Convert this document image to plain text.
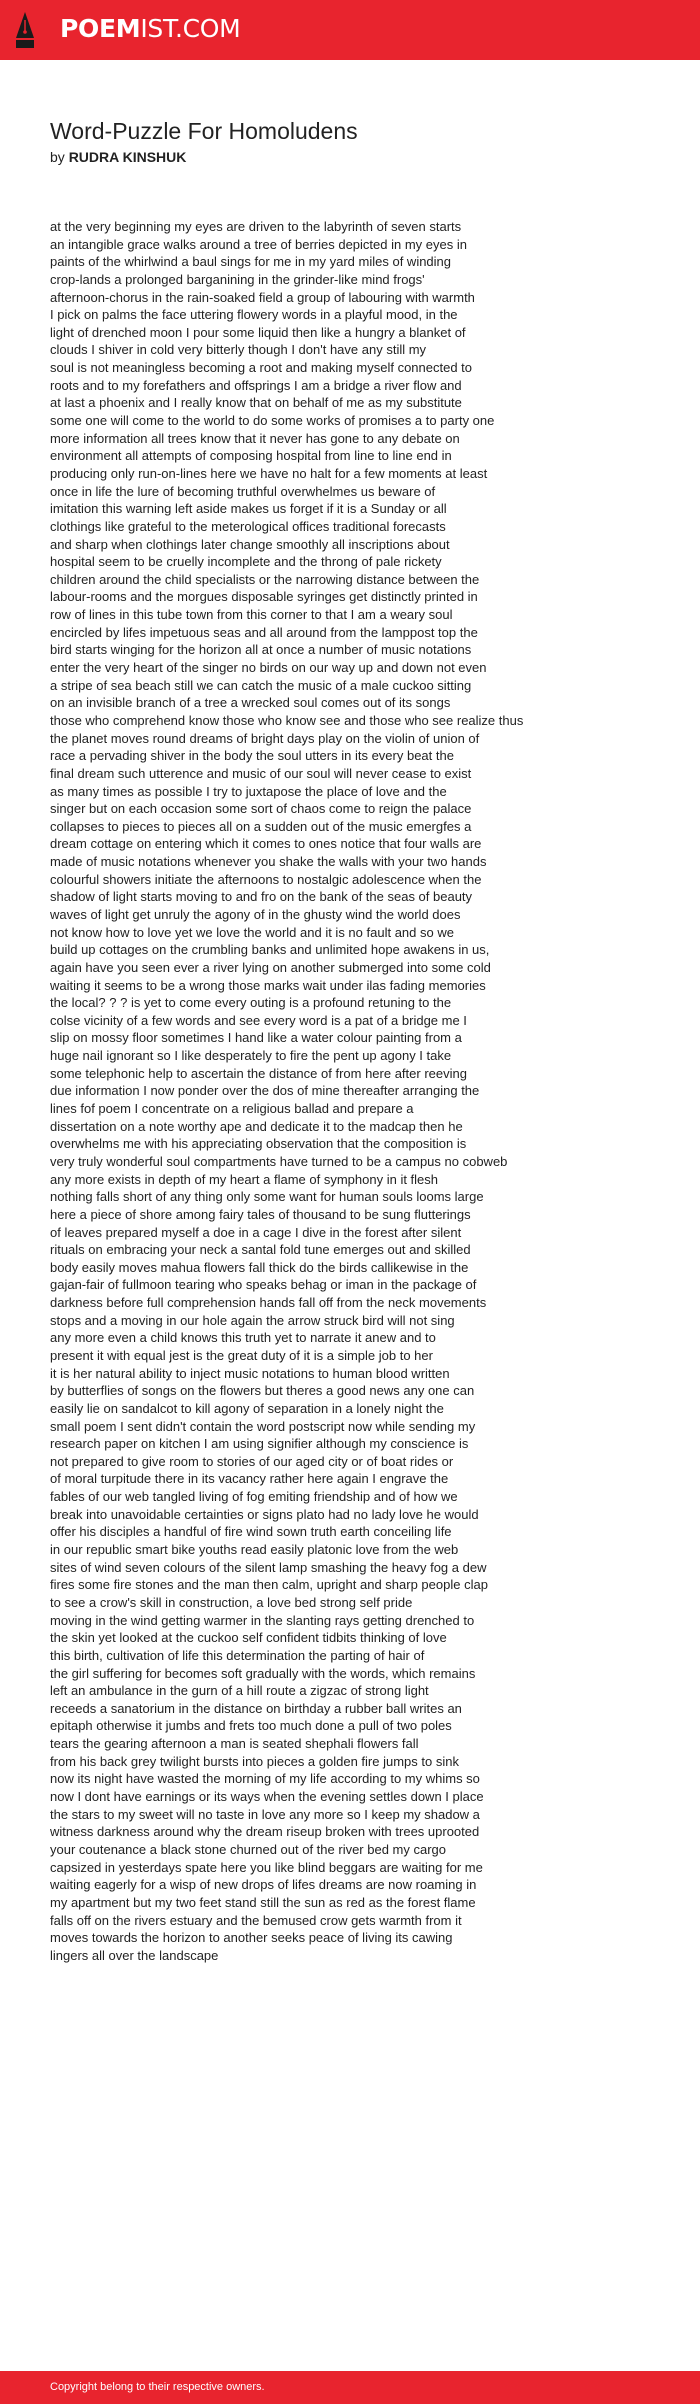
POEMIST.COM
Word-Puzzle For Homoludens
by RUDRA KINSHUK
at the very beginning my eyes are driven to the labyrinth of seven starts
an intangible grace walks around a tree of berries depicted in my eyes in
paints of the whirlwind a baul sings for me in my yard miles of winding
crop-lands a prolonged barganining in the grinder-like mind frogs'
afternoon-chorus in the rain-soaked field a group of labouring with warmth
I pick on palms the face uttering flowery words in a playful mood, in the
light of drenched moon I pour some liquid then like a hungry a blanket of
clouds I shiver in cold very bitterly though I don't have any still my
soul is not meaningless becoming a root and making myself connected to
roots and to my forefathers and offsprings I am a bridge a river flow and
at last a phoenix and I really know that on behalf of me as my substitute
some one will come to the world to do some works of promises a to party one
more information all trees know that it never has gone to any debate on
environment all attempts of composing hospital from line to line end in
producing only run-on-lines here we have no halt for a few moments at least
once in life the lure of becoming truthful overwhelmes us beware of
imitation this warning left aside makes us forget if it is a Sunday or all
clothings like grateful to the meterological offices traditional forecasts
and sharp when clothings later change smoothly all inscriptions about
hospital seem to be cruelly incomplete and the throng of pale rickety
children around the child specialists or the narrowing distance between the
labour-rooms and the morgues disposable syringes get distinctly printed in
row of lines in this tube town from this corner to that I am a weary soul
encircled by lifes impetuous seas and all around from the lamppost top the
bird starts winging for the horizon all at once a number of music notations
enter the very heart of the singer no birds on our way up and down not even
a stripe of sea beach still we can catch the music of a male cuckoo sitting
on an invisible branch of a tree a wrecked soul comes out of its songs
those who comprehend know those who know see and those who see realize thus
the planet moves round dreams of bright days play on the violin of union of
race a pervading shiver in the body the soul utters in its every beat the
final dream such utterence and music of our soul will never cease to exist
as many times as possible I try to juxtapose the place of love and the
singer but on each occasion some sort of chaos come to reign the palace
collapses to pieces to pieces all on a sudden out of the music emergfes a
dream cottage on entering which it comes to ones notice that four walls are
made of music notations whenever you shake the walls with your two hands
colourful showers initiate the afternoons to nostalgic adolescence when the
shadow of light starts moving to and fro on the bank of the seas of beauty
waves of light get unruly the agony of in the ghusty wind the world does
not know how to love yet we love the world and it is no fault and so we
build up cottages on the crumbling banks and unlimited hope awakens in us,
again have you seen ever a river lying on another submerged into some cold
waiting it seems to be a wrong those marks wait under ilas fading memories
the local? ? ? is yet to come every outing is a profound retuning to the
colse vicinity of a few words and see every word is a pat of a bridge me I
slip on mossy floor sometimes I hand like a water colour painting from a
huge nail ignorant so I like desperately to fire the pent up agony I take
some telephonic help to ascertain the distance of from here after reeving
due information I now ponder over the dos of mine thereafter arranging the
lines fof poem I concentrate on a religious ballad and prepare a
dissertation on a note worthy ape and dedicate it to the madcap then he
overwhelms me with his appreciating observation that the composition is
very truly wonderful soul compartments have turned to be a campus no cobweb
any more exists in depth of my heart a flame of symphony in it flesh
nothing falls short of any thing only some want for human souls looms large
here a piece of shore among fairy tales of thousand to be sung flutterings
of leaves prepared myself a doe in a cage I dive in the forest after silent
rituals on embracing your neck a santal fold tune emerges out and skilled
body easily moves mahua flowers fall thick do the birds callikewise in the
gajan-fair of fullmoon tearing who speaks behag or iman in the package of
darkness before full comprehension hands fall off from the neck movements
stops and a moving in our hole again the arrow struck bird will not sing
any more even a child knows this truth yet to narrate it anew and to
present it with equal jest is the great duty of it is a simple job to her
it is her natural ability to inject music notations to human blood written
by butterflies of songs on the flowers but theres a good news any one can
easily lie on sandalcot to kill agony of separation in a lonely night the
small poem I sent didn't contain the word postscript now while sending my
research paper on kitchen I am using signifier although my conscience is
not prepared to give room to stories of our aged city or of boat rides or
of moral turpitude there in its vacancy rather here again I engrave the
fables of our web tangled living of fog emiting friendship and of how we
break into unavoidable certainties or signs plato had no lady love he would
offer his disciples a handful of fire wind sown truth earth conceiling life
in our republic smart bike youths read easily platonic love from the web
sites of wind seven colours of the silent lamp smashing the heavy fog a dew
fires some fire stones and the man then calm, upright and sharp people clap
to see a crow's skill in construction, a love bed strong self pride
moving in the wind getting warmer in the slanting rays getting drenched to
the skin yet looked at the cuckoo self confident tidbits thinking of love
this birth, cultivation of life this determination the parting of hair of
the girl suffering for becomes soft gradually with the words, which remains
left an ambulance in the gurn of a hill route a zigzac of strong light
receeds a sanatorium in the distance on birthday a rubber ball writes an
epitaph otherwise it jumbs and frets too much done a pull of two poles
tears the gearing afternoon a man is seated shephali flowers fall
from his back grey twilight bursts into pieces a golden fire jumps to sink
now its night have wasted the morning of my life according to my whims so
now I dont have earnings or its ways when the evening settles down I place
the stars to my sweet will no taste in love any more so I keep my shadow a
witness darkness around why the dream riseup broken with trees uprooted
your coutenance a black stone churned out of the river bed my cargo
capsized in yesterdays spate here you like blind beggars are waiting for me
waiting eagerly for a wisp of new drops of lifes dreams are now roaming in
my apartment but my two feet stand still the sun as red as the forest flame
falls off on the rivers estuary and the bemused crow gets warmth from it
moves towards the horizon to another seeks peace of living its cawing
lingers all over the landscape
Copyright belong to their respective owners.
